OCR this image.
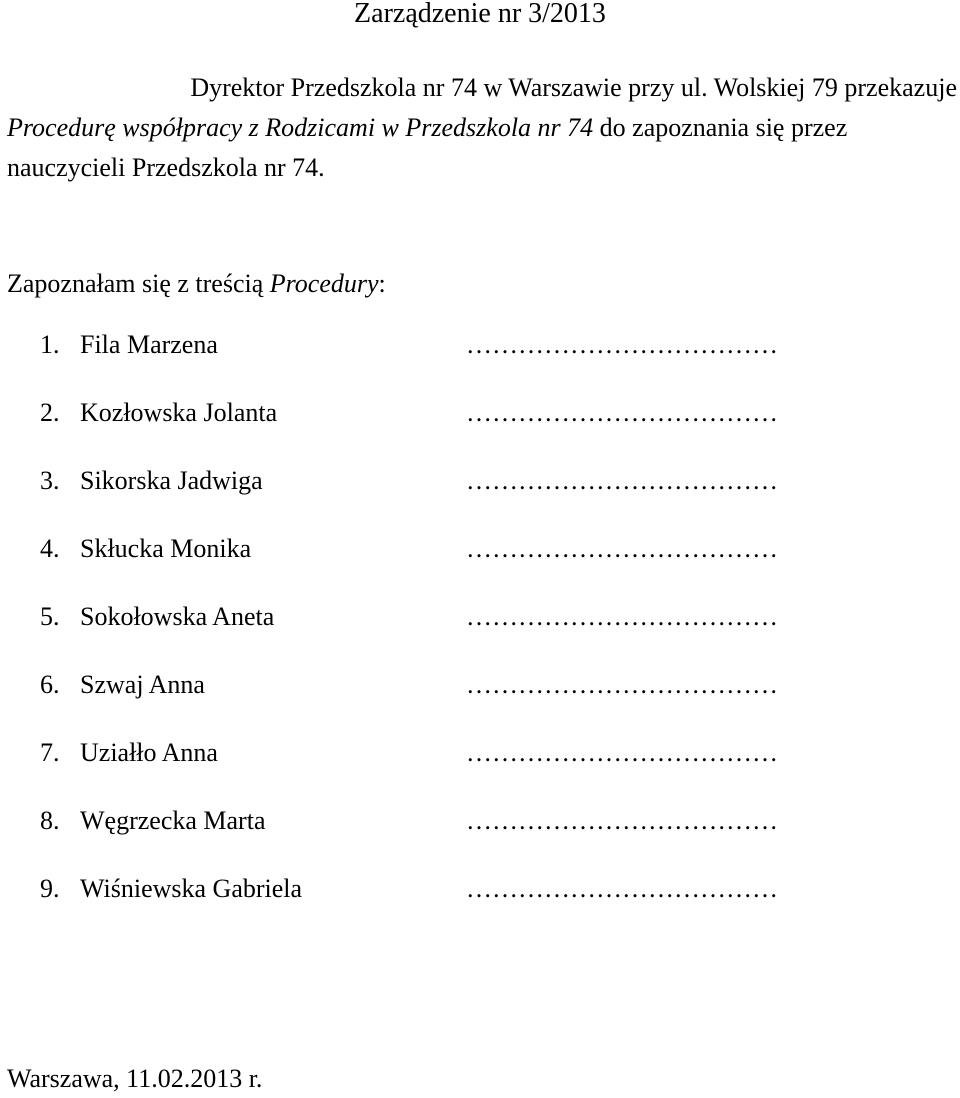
Zarządzenie nr 3/2013
Dyrektor Przedszkola nr 74 w Warszawie przy ul. Wolskiej 79 przekazuje
Procedurę współpracy z Rodzicami w Przedszkola nr 74 do zapoznania się przez
nauczycieli Przedszkola nr 74.
Zapoznałam się z treścią Procedury:
1. Fila Marzena	………………………………
2. Kozłowska Jolanta	………………………………
3. Sikorska Jadwiga	………………………………
4. Skłucka Monika	………………………………
5. Sokołowska Aneta	………………………………
6. Szwaj Anna	………………………………
7. Uziałło Anna	………………………………
8. Węgrzecka Marta	………………………………
9. Wiśniewska Gabriela	………………………………
Warszawa, 11.02.2013 r.
